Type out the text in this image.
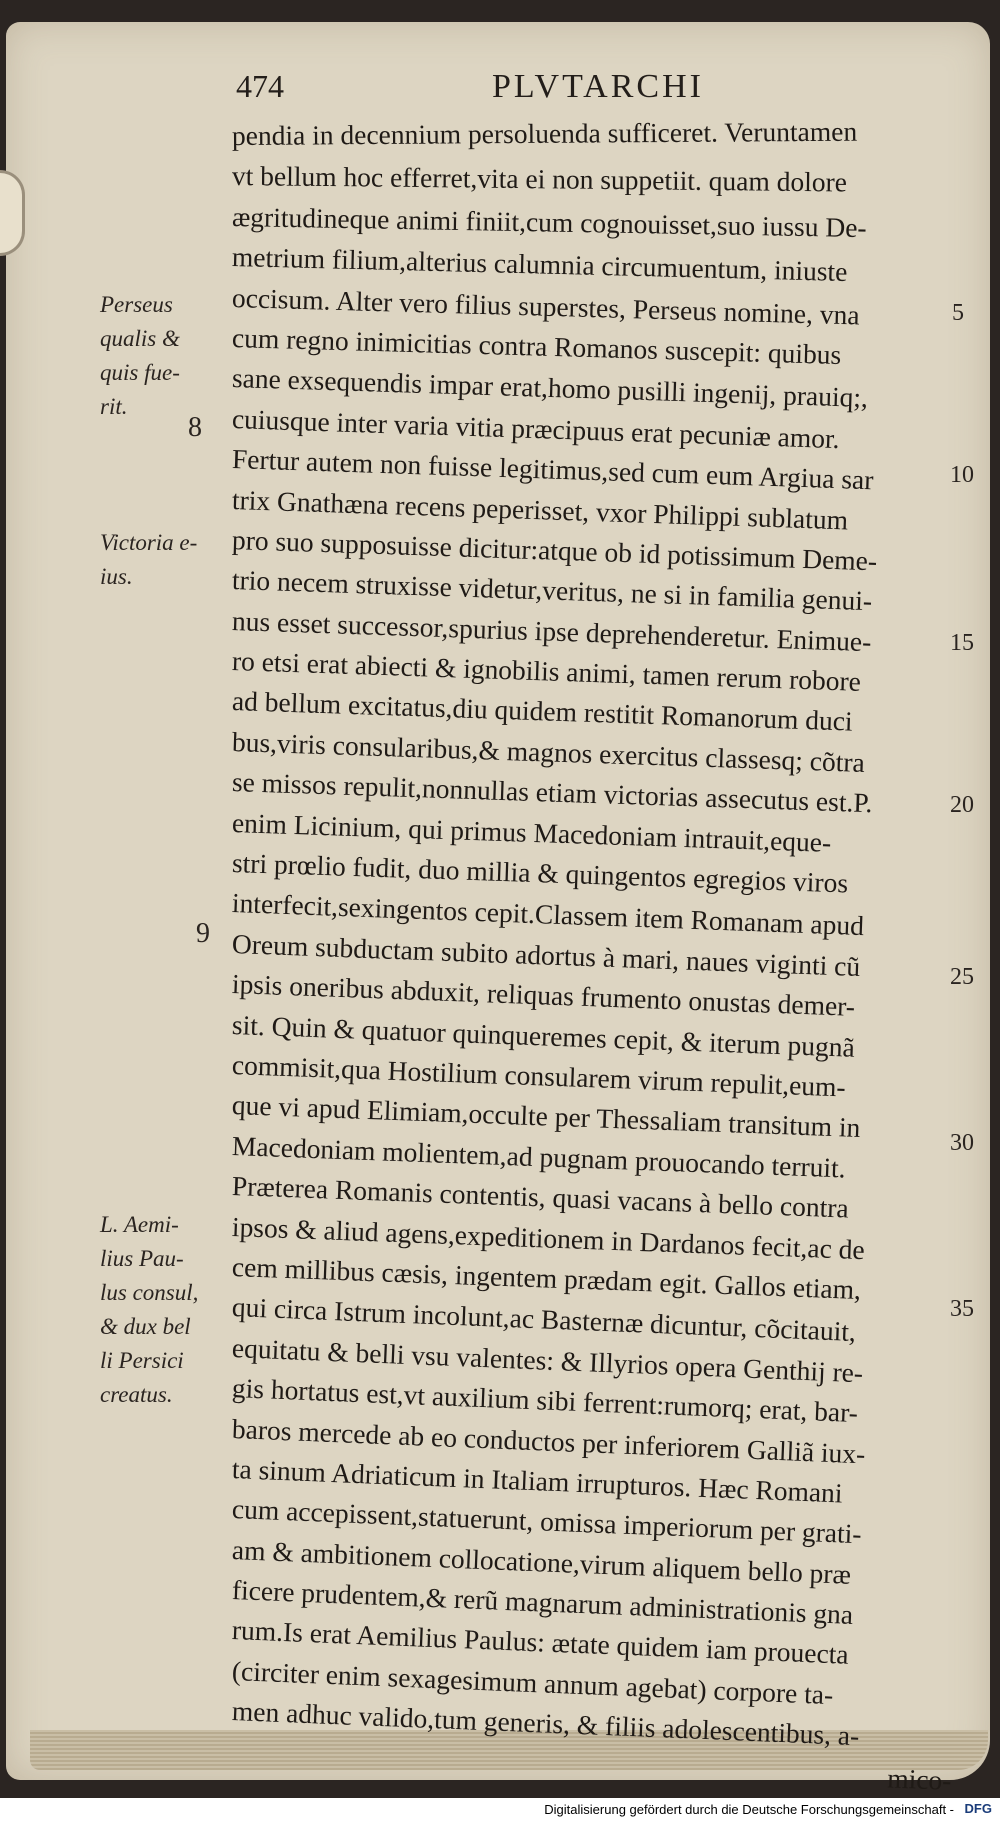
474	PLVTARCHI
pendia in decennium persoluenda sufficeret. Veruntamen
vt bellum hoc efferret,vita ei non suppetiit. quam dolore
ægritudineque animi finiit,cum cognouisset,suo iussu De-
metrium filium,alterius calumnia circumuentum, iniuste
occisum. Alter vero filius superstes, Perseus nomine, vna
cum regno inimicitias contra Romanos suscepit: quibus
sane exsequendis impar erat,homo pusilli ingenij, prauiq;,
cuiusque inter varia vitia præcipuus erat pecuniæ amor.
Fertur autem non fuisse legitimus,sed cum eum Argiua sar
trix Gnathæna recens peperisset, vxor Philippi sublatum
pro suo supposuisse dicitur:atque ob id potissimum Deme-
trio necem struxisse videtur,veritus, ne si in familia genui-
nus esset successor,spurius ipse deprehenderetur. Enimue-
ro etsi erat abiecti & ignobilis animi, tamen rerum robore
ad bellum excitatus,diu quidem restitit Romanorum duci
bus,viris consularibus,& magnos exercitus classesq; cõtra
se missos repulit,nonnullas etiam victorias assecutus est.P.
enim Licinium, qui primus Macedoniam intrauit,eque-
stri prœlio fudit, duo millia & quingentos egregios viros
interfecit,sexingentos cepit.Classem item Romanam apud
Oreum subductam subito adortus à mari, naues viginti cũ
ipsis oneribus abduxit, reliquas frumento onustas demer-
sit. Quin & quatuor quinqueremes cepit, & iterum pugnã
commisit,qua Hostilium consularem virum repulit,eum-
que vi apud Elimiam,occulte per Thessaliam transitum in
Macedoniam molientem,ad pugnam prouocando terruit.
Præterea Romanis contentis, quasi vacans à bello contra
ipsos & aliud agens,expeditionem in Dardanos fecit,ac de
cem millibus cæsis, ingentem prædam egit. Gallos etiam,
qui circa Istrum incolunt,ac Basternæ dicuntur, cõcitauit,
equitatu & belli vsu valentes: & Illyrios opera Genthij re-
gis hortatus est,vt auxilium sibi ferrent:rumorq; erat, bar-
baros mercede ab eo conductos per inferiorem Galliã iux-
ta sinum Adriaticum in Italiam irrupturos. Hæc Romani
cum accepissent,statuerunt, omissa imperiorum per grati-
am & ambitionem collocatione,virum aliquem bello præ
ficere prudentem,& rerũ magnarum administrationis gna
rum.Is erat Aemilius Paulus: ætate quidem iam prouecta
(circiter enim sexagesimum annum agebat) corpore ta-
men adhuc valido,tum generis, & filiis adolescentibus, a-
mico-
Perseus
qualis &
quis fue-
rit.
Victoria e-
ius.
L. Aemi-
lius Pau-
lus consul,
& dux bel
li Persici
creatus.
8
9
5
10
15
20
25
30
35
Digitalisierung gefördert durch die Deutsche Forschungsgemeinschaft - DFG
